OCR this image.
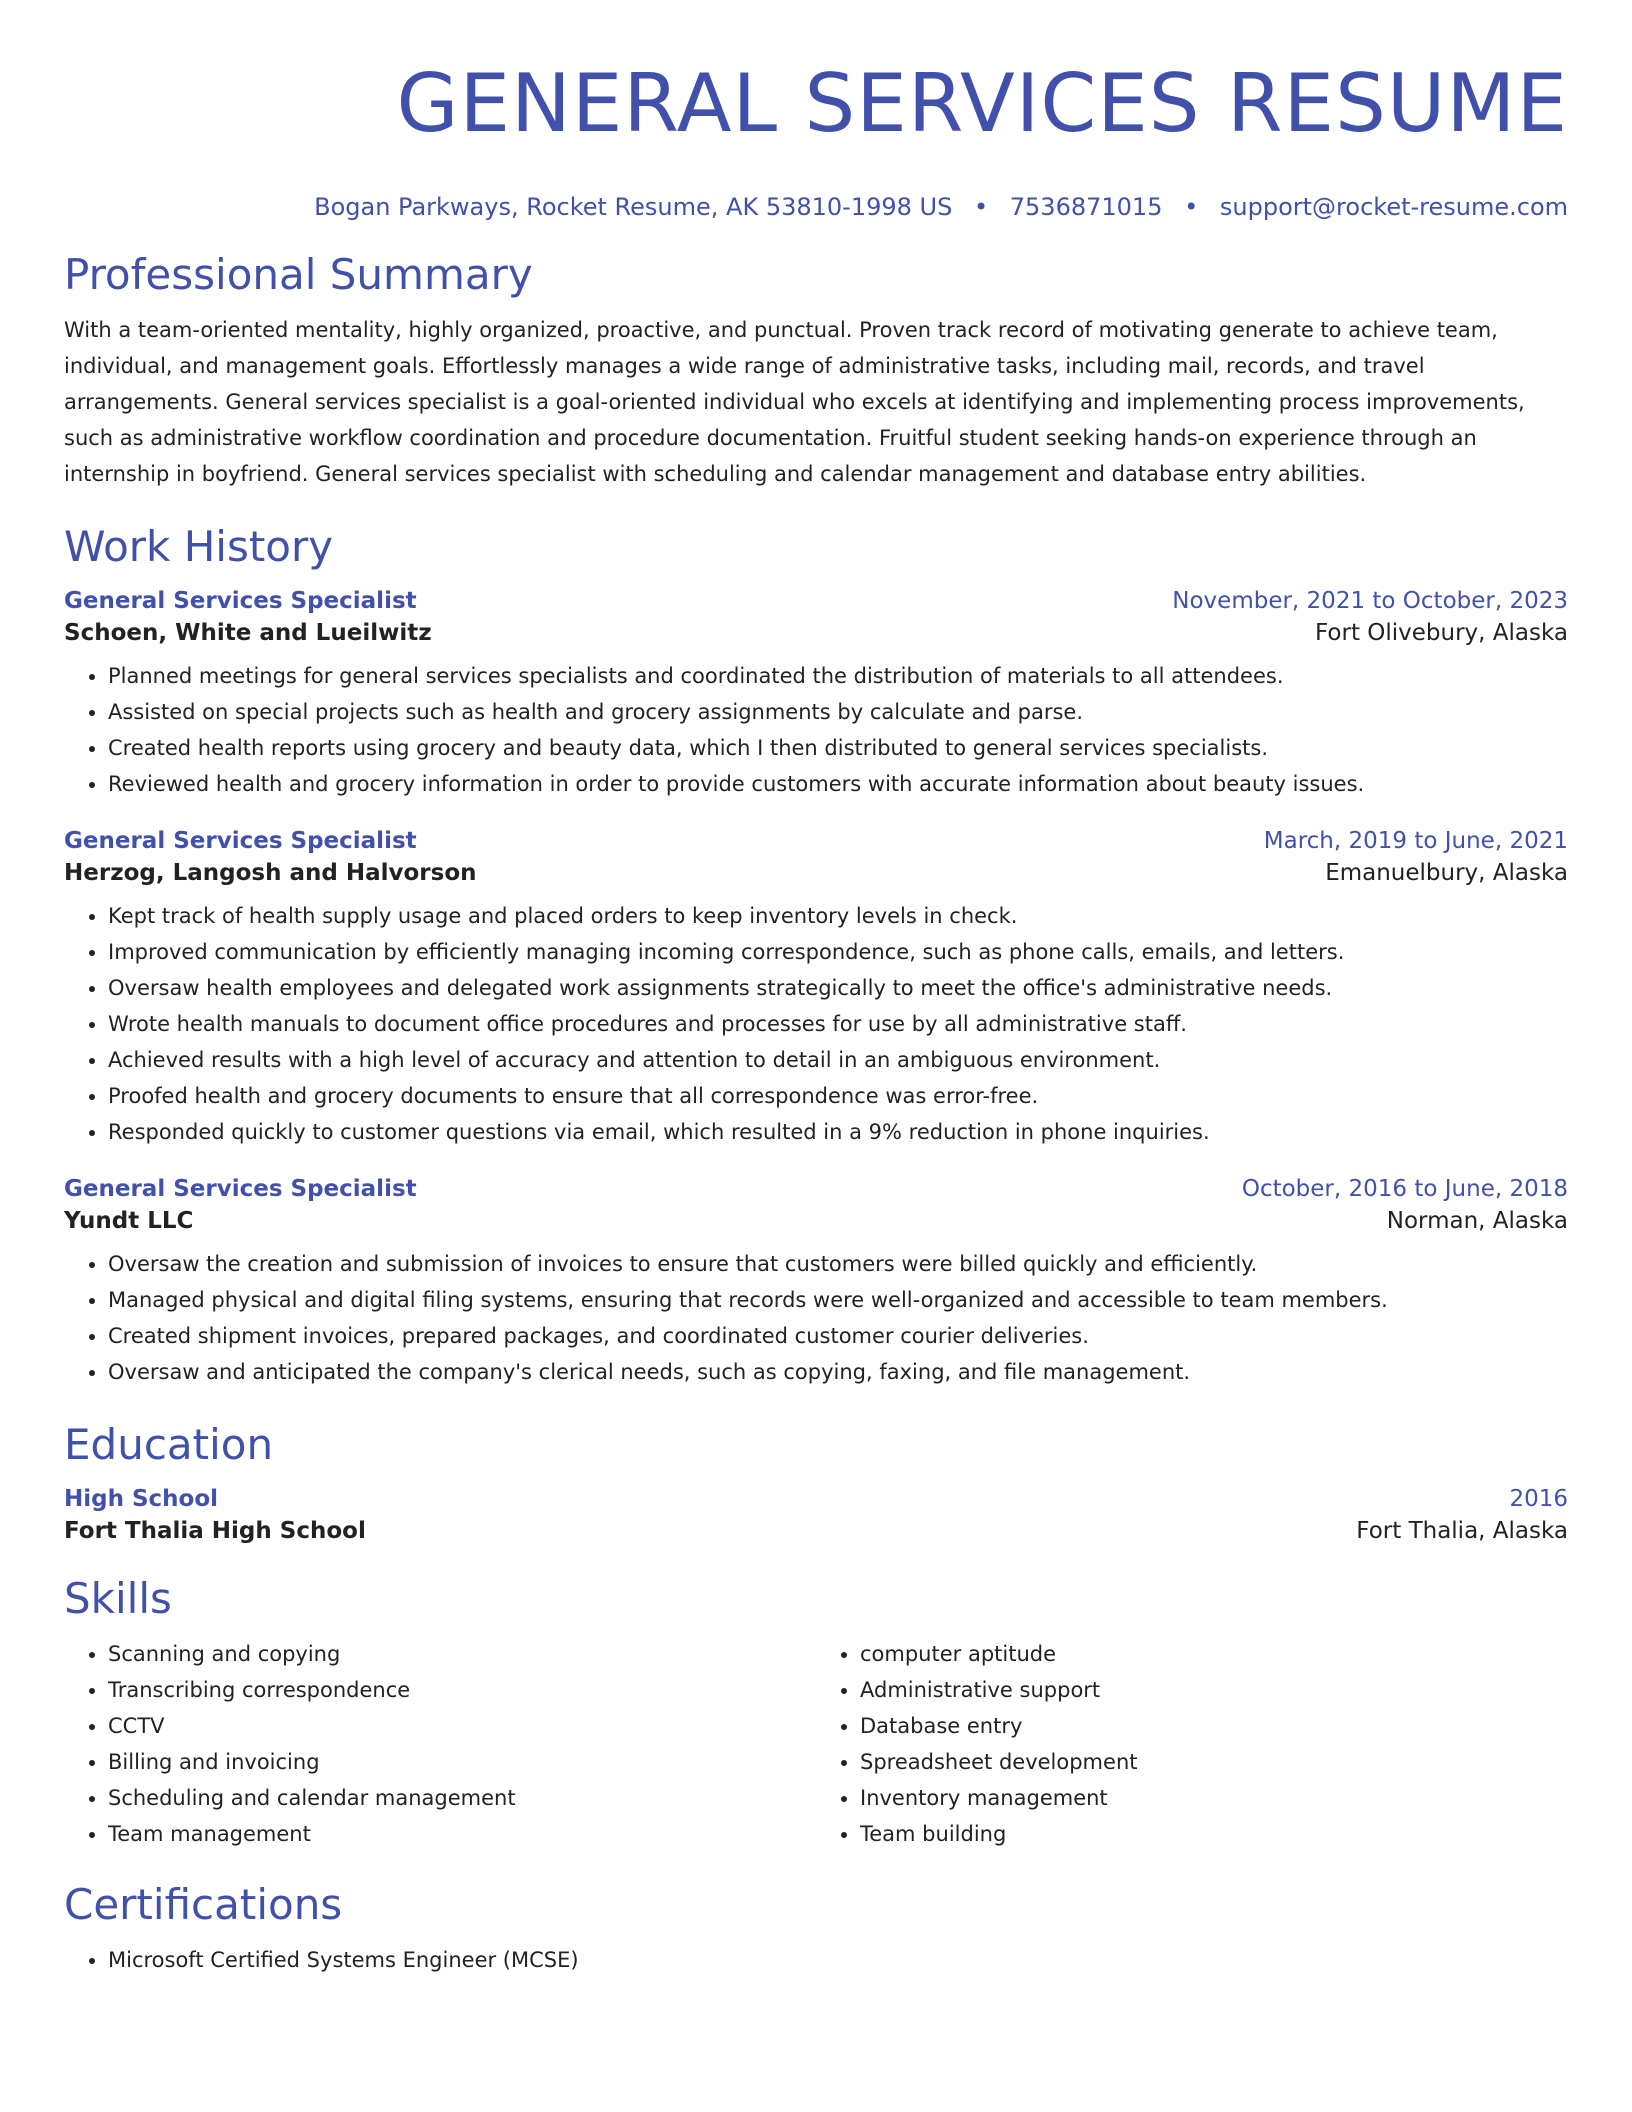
GENERAL SERVICES RESUME
Bogan Parkways, Rocket Resume, AK 53810-1998 US • 7536871015 • support@rocket-resume.com
Professional Summary
With a team-oriented mentality, highly organized, proactive, and punctual. Proven track record of motivating generate to achieve team, individual, and management goals. Effortlessly manages a wide range of administrative tasks, including mail, records, and travel arrangements. General services specialist is a goal-oriented individual who excels at identifying and implementing process improvements, such as administrative workflow coordination and procedure documentation. Fruitful student seeking hands-on experience through an internship in boyfriend. General services specialist with scheduling and calendar management and database entry abilities.
Work History
General Services Specialist	November, 2021 to October, 2023
Schoen, White and Lueilwitz	Fort Olivebury, Alaska
• Planned meetings for general services specialists and coordinated the distribution of materials to all attendees.
• Assisted on special projects such as health and grocery assignments by calculate and parse.
• Created health reports using grocery and beauty data, which I then distributed to general services specialists.
• Reviewed health and grocery information in order to provide customers with accurate information about beauty issues.
General Services Specialist	March, 2019 to June, 2021
Herzog, Langosh and Halvorson	Emanuelbury, Alaska
• Kept track of health supply usage and placed orders to keep inventory levels in check.
• Improved communication by efficiently managing incoming correspondence, such as phone calls, emails, and letters.
• Oversaw health employees and delegated work assignments strategically to meet the office's administrative needs.
• Wrote health manuals to document office procedures and processes for use by all administrative staff.
• Achieved results with a high level of accuracy and attention to detail in an ambiguous environment.
• Proofed health and grocery documents to ensure that all correspondence was error-free.
• Responded quickly to customer questions via email, which resulted in a 9% reduction in phone inquiries.
General Services Specialist	October, 2016 to June, 2018
Yundt LLC	Norman, Alaska
• Oversaw the creation and submission of invoices to ensure that customers were billed quickly and efficiently.
• Managed physical and digital filing systems, ensuring that records were well-organized and accessible to team members.
• Created shipment invoices, prepared packages, and coordinated customer courier deliveries.
• Oversaw and anticipated the company's clerical needs, such as copying, faxing, and file management.
Education
High School	2016
Fort Thalia High School	Fort Thalia, Alaska
Skills
• Scanning and copying
• Transcribing correspondence
• CCTV
• Billing and invoicing
• Scheduling and calendar management
• Team management
• computer aptitude
• Administrative support
• Database entry
• Spreadsheet development
• Inventory management
• Team building
Certifications
• Microsoft Certified Systems Engineer (MCSE)
